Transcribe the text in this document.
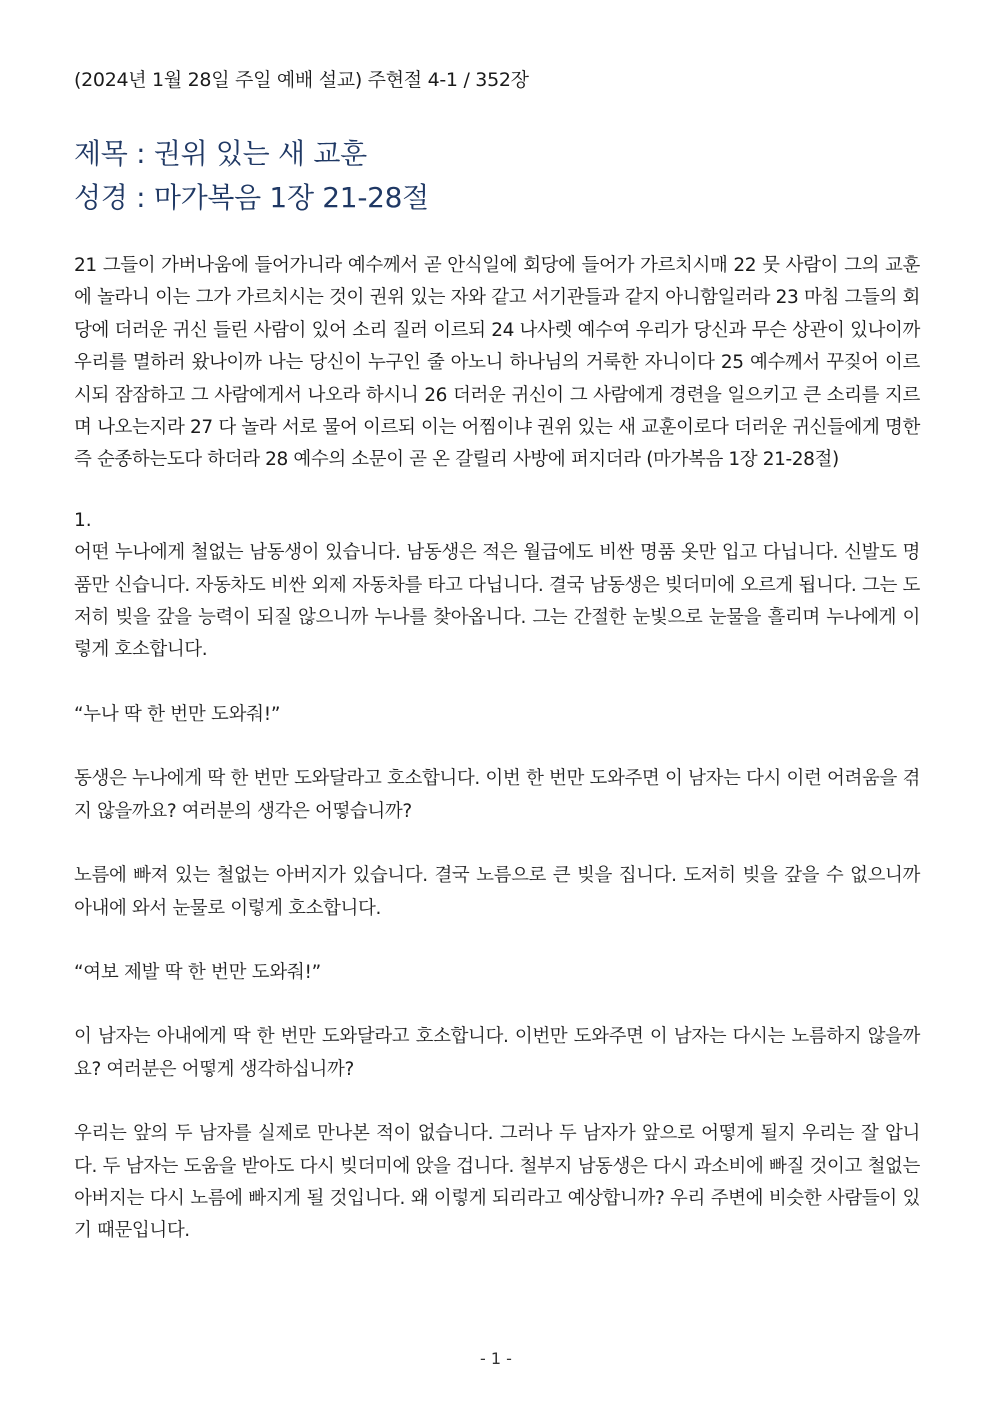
(2024년 1월 28일 주일 예배 설교) 주현절 4-1 / 352장
제목 : 권위 있는 새 교훈
성경 : 마가복음 1장 21-28절
21 그들이 가버나움에 들어가니라 예수께서 곧 안식일에 회당에 들어가 가르치시매 22 뭇 사람이 그의 교훈에 놀라니 이는 그가 가르치시는 것이 권위 있는 자와 같고 서기관들과 같지 아니함일러라 23 마침 그들의 회당에 더러운 귀신 들린 사람이 있어 소리 질러 이르되 24 나사렛 예수여 우리가 당신과 무슨 상관이 있나이까 우리를 멸하러 왔나이까 나는 당신이 누구인 줄 아노니 하나님의 거룩한 자니이다 25 예수께서 꾸짖어 이르시되 잠잠하고 그 사람에게서 나오라 하시니 26 더러운 귀신이 그 사람에게 경련을 일으키고 큰 소리를 지르며 나오는지라 27 다 놀라 서로 물어 이르되 이는 어찜이냐 권위 있는 새 교훈이로다 더러운 귀신들에게 명한즉 순종하는도다 하더라 28 예수의 소문이 곧 온 갈릴리 사방에 퍼지더라 (마가복음 1장 21-28절)
1.
어떤 누나에게 철없는 남동생이 있습니다. 남동생은 적은 월급에도 비싼 명품 옷만 입고 다닙니다. 신발도 명품만 신습니다. 자동차도 비싼 외제 자동차를 타고 다닙니다. 결국 남동생은 빚더미에 오르게 됩니다. 그는 도저히 빚을 갚을 능력이 되질 않으니까 누나를 찾아옵니다. 그는 간절한 눈빛으로 눈물을 흘리며 누나에게 이렇게 호소합니다.
“누나 딱 한 번만 도와줘!”
동생은 누나에게 딱 한 번만 도와달라고 호소합니다. 이번 한 번만 도와주면 이 남자는 다시 이런 어려움을 겪지 않을까요? 여러분의 생각은 어떻습니까?
노름에 빠져 있는 철없는 아버지가 있습니다. 결국 노름으로 큰 빚을 집니다. 도저히 빚을 갚을 수 없으니까 아내에 와서 눈물로 이렇게 호소합니다.
“여보 제발 딱 한 번만 도와줘!”
이 남자는 아내에게 딱 한 번만 도와달라고 호소합니다. 이번만 도와주면 이 남자는 다시는 노름하지 않을까요? 여러분은 어떻게 생각하십니까?
우리는 앞의 두 남자를 실제로 만나본 적이 없습니다. 그러나 두 남자가 앞으로 어떻게 될지 우리는 잘 압니다. 두 남자는 도움을 받아도 다시 빚더미에 앉을 겁니다. 철부지 남동생은 다시 과소비에 빠질 것이고 철없는 아버지는 다시 노름에 빠지게 될 것입니다. 왜 이렇게 되리라고 예상합니까? 우리 주변에 비슷한 사람들이 있기 때문입니다.
- 1 -
